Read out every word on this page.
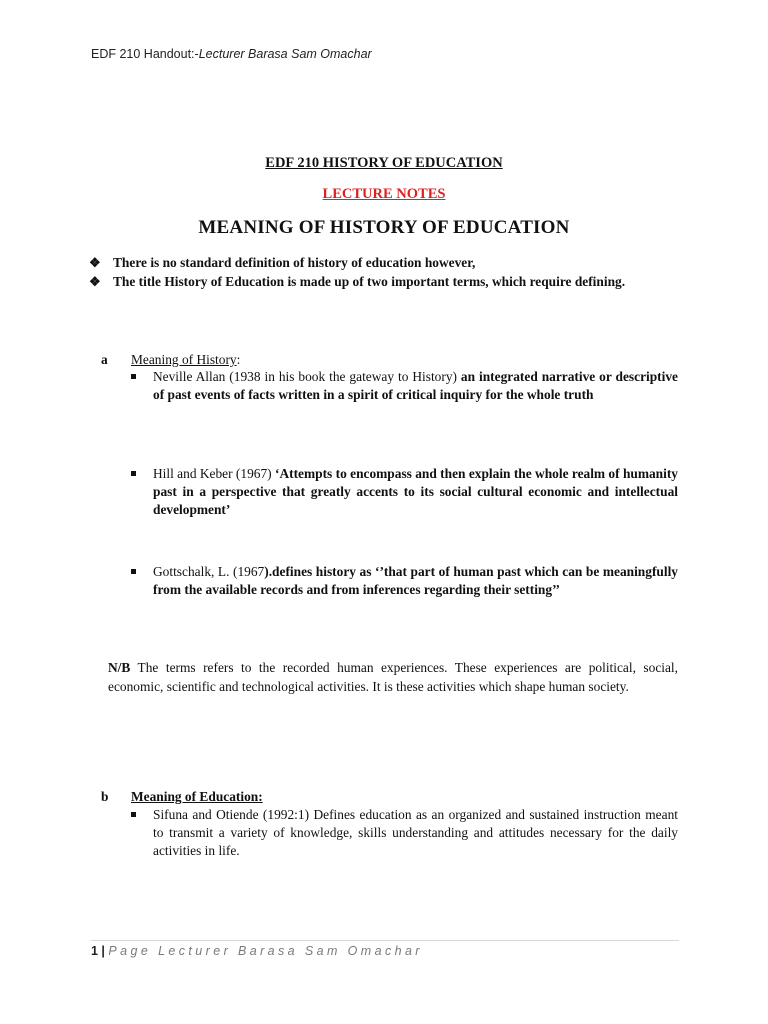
EDF 210 Handout:-Lecturer Barasa Sam Omachar
EDF 210 HISTORY OF EDUCATION
LECTURE NOTES
MEANING OF HISTORY OF EDUCATION
❖ There is no standard definition of history of education however,
❖ The title History of Education is made up of two important terms, which require defining.
a Meaning of History:
Neville Allan (1938 in his book the gateway to History) an integrated narrative or descriptive of past events of facts written in a spirit of critical inquiry for the whole truth
Hill and Keber (1967) ‘Attempts to encompass and then explain the whole realm of humanity past in a perspective that greatly accents to its social cultural economic and intellectual development’
Gottschalk, L. (1967).defines history as ‘’that part of human past which can be meaningfully from the available records and from inferences regarding their setting’’
N/B The terms refers to the recorded human experiences. These experiences are political, social, economic, scientific and technological activities. It is these activities which shape human society.
b Meaning of Education:
Sifuna and Otiende (1992:1) Defines education as an organized and sustained instruction meant to transmit a variety of knowledge, skills understanding and attitudes necessary for the daily activities in life.
1 | Page Lecturer Barasa Sam Omachar
